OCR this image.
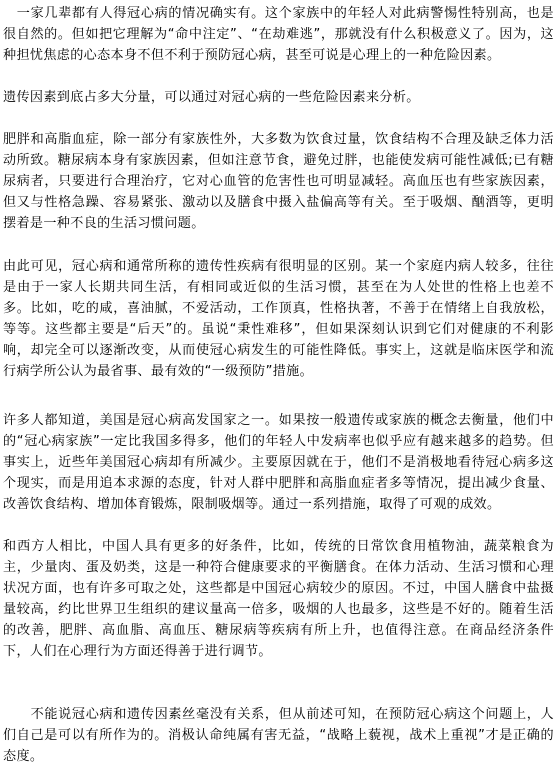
　一家几辈都有人得冠心病的情况确实有。这个家族中的年轻人对此病警惕性特别高，也是很自然的。但如把它理解为“命中注定”、“在劫难逃”，那就没有什么积极意义了。因为，这种担忧焦虑的心态本身不但不利于预防冠心病，甚至可说是心理上的一种危险因素。

遗传因素到底占多大分量，可以通过对冠心病的一些危险因素来分析。

肥胖和高脂血症，除一部分有家族性外，大多数为饮食过量，饮食结构不合理及缺乏体力活动所致。糖尿病本身有家族因素，但如注意节食，避免过胖，也能使发病可能性减低;已有糖尿病者，只要进行合理治疗，它对心血管的危害性也可明显减轻。高血压也有些家族因素，但又与性格急躁、容易紧张、激动以及膳食中摄入盐偏高等有关。至于吸烟、酗酒等，更明摆着是一种不良的生活习惯问题。

由此可见，冠心病和通常所称的遗传性疾病有很明显的区别。某一个家庭内病人较多，往往是由于一家人长期共同生活，有相同或近似的生活习惯，甚至在为人处世的性格上也差不多。比如，吃的咸，喜油腻，不爱活动，工作顶真，性格执著，不善于在情绪上自我放松，等等。这些都主要是“后天”的。虽说“秉性难移”，但如果深刻认识到它们对健康的不利影响，却完全可以逐渐改变，从而使冠心病发生的可能性降低。事实上，这就是临床医学和流行病学所公认为最省事、最有效的“一级预防”措施。

许多人都知道，美国是冠心病高发国家之一。如果按一般遗传或家族的概念去衡量，他们中的“冠心病家族”一定比我国多得多，他们的年轻人中发病率也似乎应有越来越多的趋势。但事实上，近些年美国冠心病却有所减少。主要原因就在于，他们不是消极地看待冠心病多这个现实，而是用追本求源的态度，针对人群中肥胖和高脂血症者多等情况，提出减少食量、改善饮食结构、增加体育锻炼，限制吸烟等。通过一系列措施，取得了可观的成效。

和西方人相比，中国人具有更多的好条件，比如，传统的日常饮食用植物油，蔬菜粮食为主，少量肉、蛋及奶类，这是一种符合健康要求的平衡膳食。在体力活动、生活习惯和心理状况方面，也有许多可取之处，这些都是中国冠心病较少的原因。不过，中国人膳食中盐摄量较高，约比世界卫生组织的建议量高一倍多，吸烟的人也最多，这些是不好的。随着生活的改善，肥胖、高血脂、高血压、糖尿病等疾病有所上升，也值得注意。在商品经济条件下，人们在心理行为方面还得善于进行调节。

　　不能说冠心病和遗传因素丝毫没有关系，但从前述可知，在预防冠心病这个问题上，人们自己是可以有所作为的。消极认命纯属有害无益，“战略上藐视，战术上重视”才是正确的态度。
